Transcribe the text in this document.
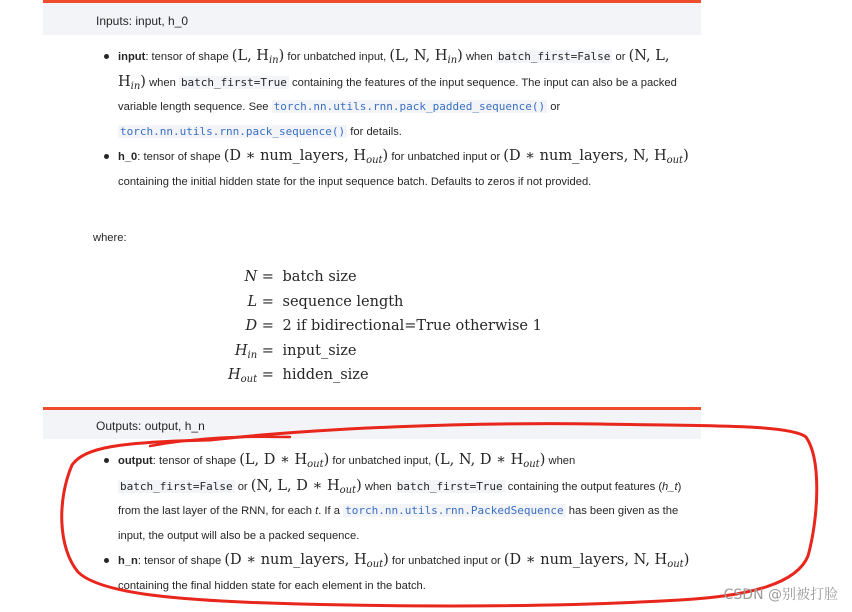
Inputs: input, h_0
input: tensor of shape (L, $H_{in}$) for unbatched input, (L, N, $H_{in}$) when batch_first=False or (N, L, $H_{in}$) when batch_first=True containing the features of the input sequence. The input can also be a packed variable length sequence. See torch.nn.utils.rnn.pack_padded_sequence() or torch.nn.utils.rnn.pack_sequence() for details.
h_0: tensor of shape (D ∗ num_layers, $H_{out}$) for unbatched input or (D ∗ num_layers, N, $H_{out}$) containing the initial hidden state for the input sequence batch. Defaults to zeros if not provided.
where:
N =	batch size
L =	sequence length
D =	2 if bidirectional=True otherwise 1
$H_{in}$ =	input_size
$H_{out}$ =	hidden_size
Outputs: output, h_n
output: tensor of shape (L, D ∗ $H_{out}$) for unbatched input, (L, N, D ∗ $H_{out}$) when batch_first=False or (N, L, D ∗ $H_{out}$) when batch_first=True containing the output features (h_t) from the last layer of the RNN, for each t. If a torch.nn.utils.rnn.PackedSequence has been given as the input, the output will also be a packed sequence.
h_n: tensor of shape (D ∗ num_layers, $H_{out}$) for unbatched input or (D ∗ num_layers, N, $H_{out}$) containing the final hidden state for each element in the batch.
CSDN @别被打脸
